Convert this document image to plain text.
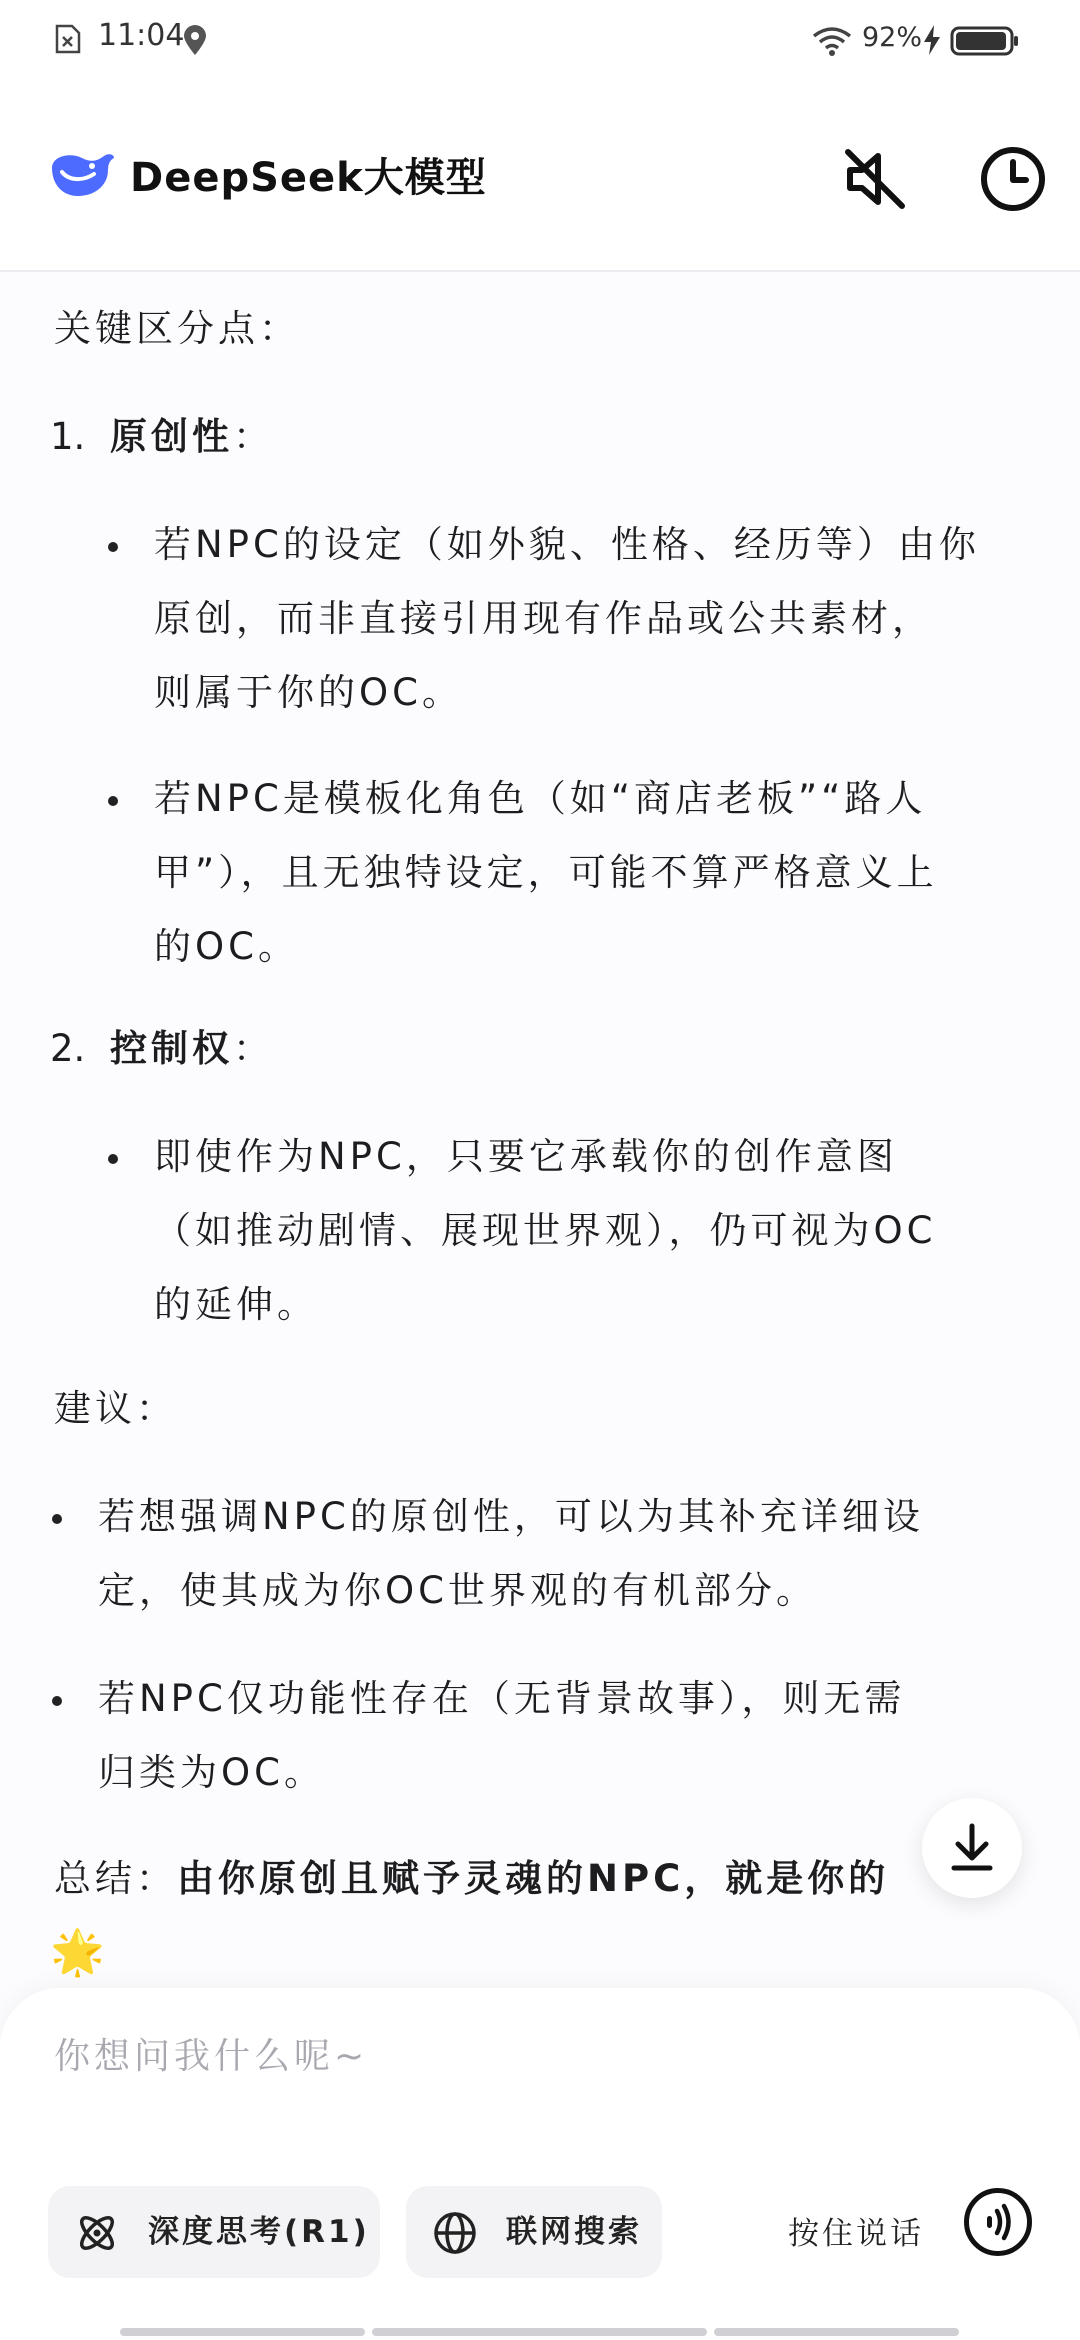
11:04	92%
DeepSeek大模型
关键区分点：
1. 原创性：
若NPC的设定（如外貌、性格、经历等）由你
原创，而非直接引用现有作品或公共素材，
则属于你的OC。
若NPC是模板化角色（如“商店老板”“路人
甲”），且无独特设定，可能不算严格意义上
的OC。
2. 控制权：
即使作为NPC，只要它承载你的创作意图
（如推动剧情、展现世界观），仍可视为OC
的延伸。
建议：
若想强调NPC的原创性，可以为其补充详细设
定，使其成为你OC世界观的有机部分。
若NPC仅功能性存在（无背景故事），则无需
归类为OC。
总结：由你原创且赋予灵魂的NPC，就是你的
🌟
你想问我什么呢~
深度思考(R1)	联网搜索	按住说话
